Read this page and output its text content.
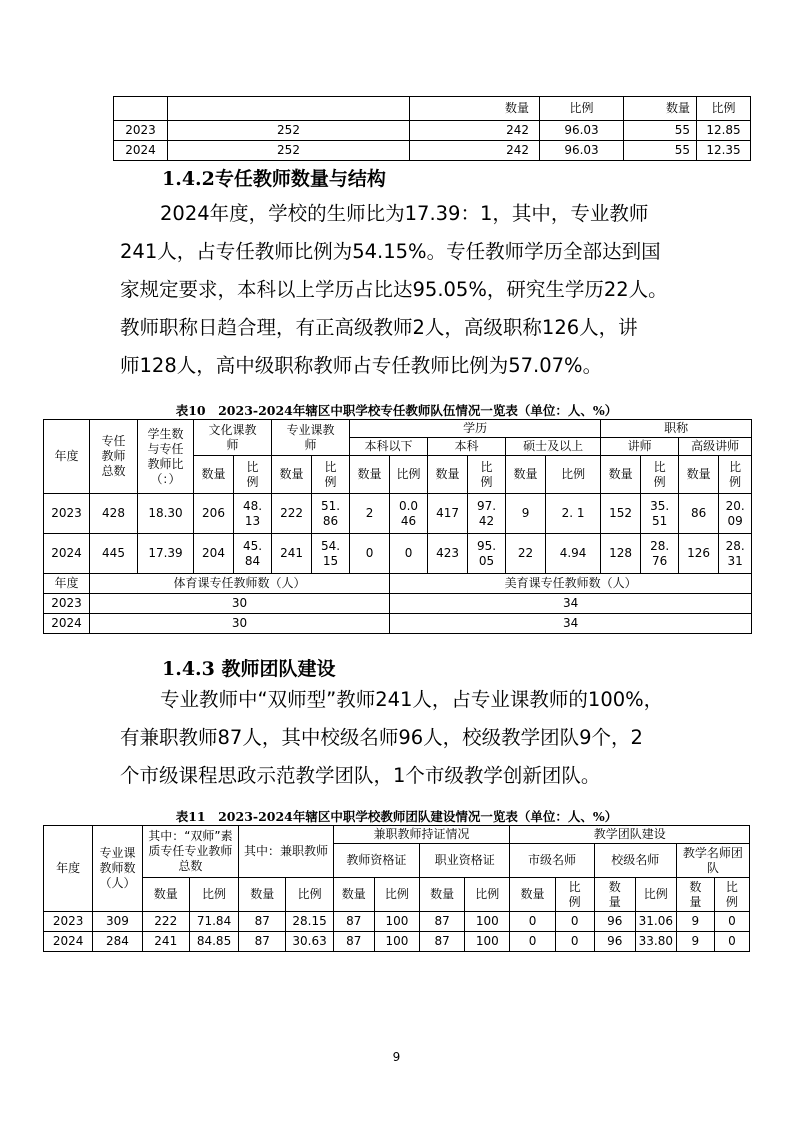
		数量	比例	数量	比例
2023	252	242	96.03	55	12.85
2024	252	242	96.03	55	12.35
1.4.2专任教师数量与结构
2024年度，学校的生师比为17.39：1，其中，专业教师
241人，占专任教师比例为54.15%。专任教师学历全部达到国
家规定要求，本科以上学历占比达95.05%，研究生学历22人。
教师职称日趋合理，有正高级教师2人，高级职称126人，讲
师128人，高中级职称教师占专任教师比例为57.07%。
表10　2023-2024年辖区中职学校专任教师队伍情况一览表（单位：人、%）
年度	专任教师总数	学生数与专任教师比（：）	文化课教师		专业课教师		学历						职称			
							本科以下		本科		硕士及以上		讲师		高级讲师	
			数量	比例	数量	比例	数量	比例	数量	比例	数量	比例	数量	比例	数量	比例
2023	428	18.30	206	48.13	222	51.86	2	0.046	417	97.42	9	2. 1	152	35.51	86	20.09
2024	445	17.39	204	45.84	241	54.15	0	0	423	95.05	22	4.94	128	28.76	126	28.31
年度	体育课专任教师数（人）							美育课专任教师数（人）								
2023	30							34								
2024	30							34								
1.4.3 教师团队建设
专业教师中“双师型”教师241人，占专业课教师的100%，
有兼职教师87人，其中校级名师96人，校级教学团队9个，2
个市级课程思政示范教学团队，1个市级教学创新团队。
表11　2023-2024年辖区中职学校教师团队建设情况一览表（单位：人、%）
年度	专业课教师数（人）	其中：“双师”素质专任专业教师总数		其中：兼职教师		兼职教师持证情况				教学团队建设					
						教师资格证		职业资格证		市级名师		校级名师		教学名师团队	
		数量	比例	数量	比例	数量	比例	数量	比例	数量	比例	数量	比例	数量	比例
2023	309	222	71.84	87	28.15	87	100	87	100	0	0	96	31.06	9	0
2024	284	241	84.85	87	30.63	87	100	87	100	0	0	96	33.80	9	0
9
